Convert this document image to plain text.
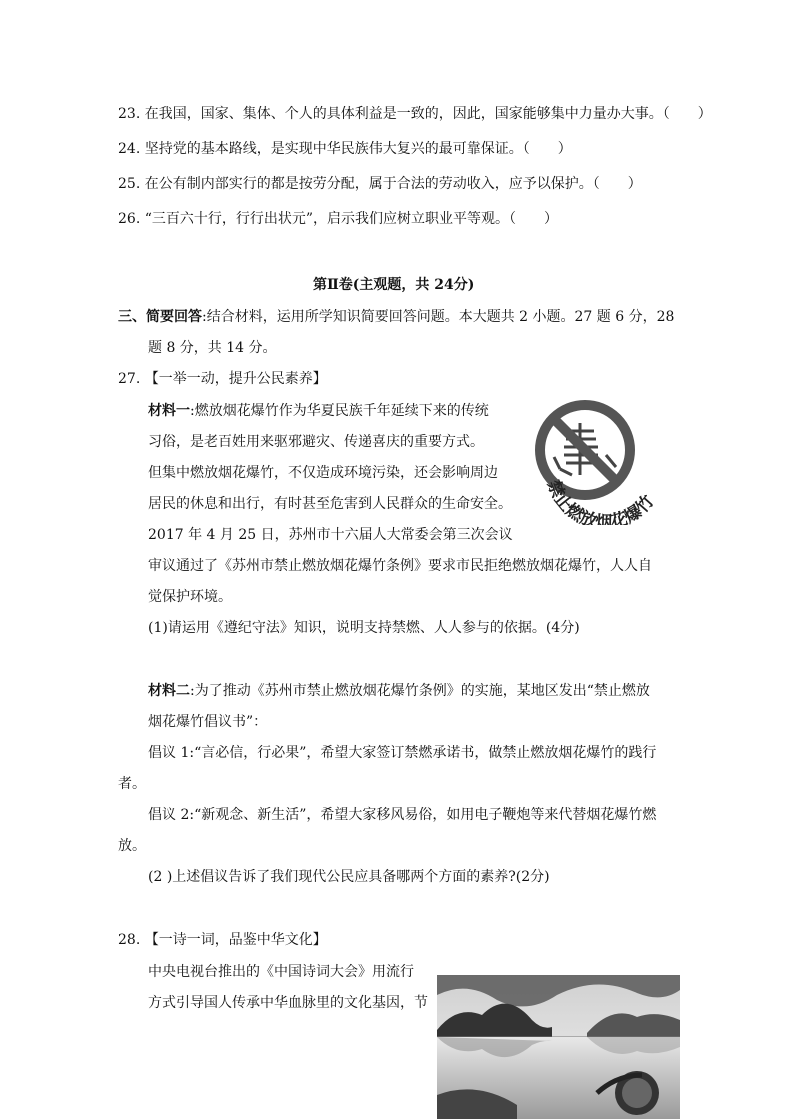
23. 在我国，国家、集体、个人的具体利益是一致的，因此，国家能够集中力量办大事。（　　）
24. 坚持党的基本路线，是实现中华民族伟大复兴的最可靠保证。（　　）
25. 在公有制内部实行的都是按劳分配，属于合法的劳动收入，应予以保护。（　　）
26. “三百六十行，行行出状元”，启示我们应树立职业平等观。（　　）
第Ⅱ卷(主观题，共 24分)
三、简要回答:结合材料，运用所学知识简要回答问题。本大题共 2 小题。27 题 6 分，28
题 8 分，共 14 分。
27. 【一举一动，提升公民素养】
材料一:燃放烟花爆竹作为华夏民族千年延续下来的传统
习俗，是老百姓用来驱邪避灾、传递喜庆的重要方式。
但集中燃放烟花爆竹，不仅造成环境污染，还会影响周边
居民的休息和出行，有时甚至危害到人民群众的生命安全。
2017 年 4 月 25 日，苏州市十六届人大常委会第三次会议
审议通过了《苏州市禁止燃放烟花爆竹条例》要求市民拒绝燃放烟花爆竹，人人自
觉保护环境。
(1)请运用《遵纪守法》知识，说明支持禁燃、人人参与的依据。(4分)
禁止燃放烟花爆竹
材料二:为了推动《苏州市禁止燃放烟花爆竹条例》的实施，某地区发出“禁止燃放
烟花爆竹倡议书”：
倡议 1:“言必信，行必果”，希望大家签订禁燃承诺书，做禁止燃放烟花爆竹的践行
者。
倡议 2:“新观念、新生活”，希望大家移风易俗，如用电子鞭炮等来代替烟花爆竹燃
放。
(2 )上述倡议告诉了我们现代公民应具备哪两个方面的素养?(2分)
28. 【一诗一词，品鉴中华文化】
中央电视台推出的《中国诗词大会》用流行
方式引导国人传承中华血脉里的文化基因，节
